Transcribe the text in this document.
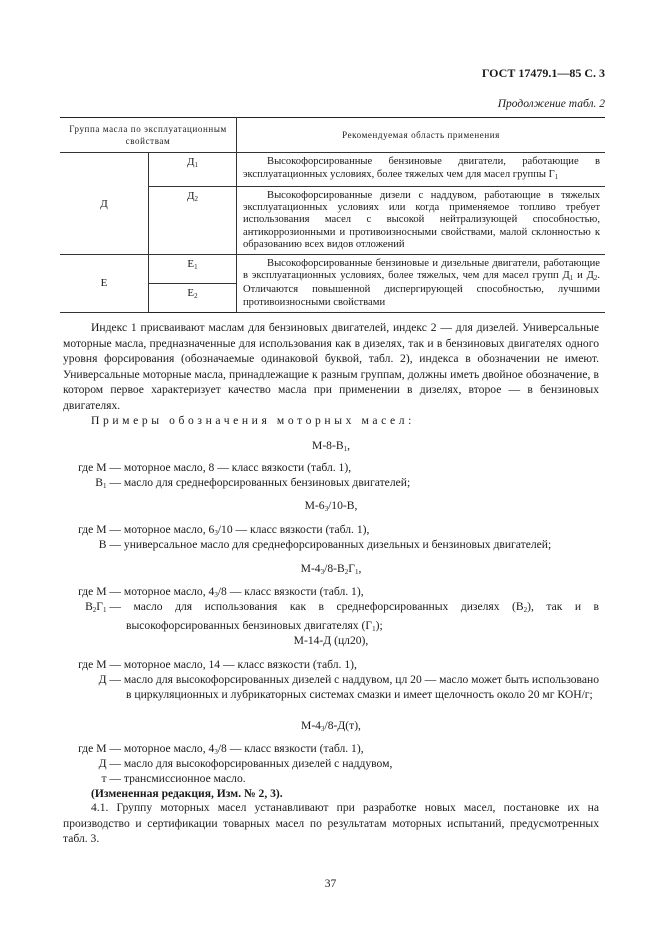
ГОСТ 17479.1—85 С. 3
Продолжение табл. 2
Группа масла по эксплуатационным свойствам		Рекомендуемая область применения
Д	$Д_1$	Высокофорсированные бензиновые двигатели, работающие в эксплуатационных условиях, более тяжелых чем для масел группы $Г_1$
	$Д_2$	Высокофорсированные дизели с наддувом, работающие в тяжелых эксплуатационных условиях или когда применяемое топливо требует использования масел с высокой нейтрализующей способностью, антикоррозионными и противоизносными свойствами, малой склонностью к образованию всех видов отложений
Е	$Е_1$	Высокофорсированные бензиновые и дизельные двигатели, работающие в эксплуатационных условиях, более тяжелых, чем для масел групп $Д_1$ и $Д_2$. Отличаются повышенной диспергирующей способностью, лучшими противоизносными свойствами
	$Е_2$

Индекс 1 присваивают маслам для бензиновых двигателей, индекс 2 — для дизелей. Универсальные моторные масла, предназначенные для использования как в дизелях, так и в бензиновых двигателях одного уровня форсирования (обозначаемые одинаковой буквой, табл. 2), индекса в обозначении не имеют. Универсальные моторные масла, принадлежащие к разным группам, должны иметь двойное обозначение, в котором первое характеризует качество масла при применении в дизелях, второе — в бензиновых двигателях.

Примеры обозначения моторных масел:

$М-8-В_1$,
где М — моторное масло, 8 — класс вязкости (табл. 1),
$В_1$ — масло для среднефорсированных бензиновых двигателей;
$М-6_3/10-В$,
где М — моторное масло, $6_3/10$ — класс вязкости (табл. 1),
В — универсальное масло для среднефорсированных дизельных и бензиновых двигателей;
$М-4_3/8-В_2Г_1$,
где М — моторное масло, $4_3/8$ — класс вязкости (табл. 1),
$В_2Г_1$ — масло для использования как в среднефорсированных дизелях $(В_2)$, так и в высокофорсированных бензиновых двигателях $(Г_1)$;
М-14-Д (цл20),
где М — моторное масло, 14 — класс вязкости (табл. 1),
Д — масло для высокофорсированных дизелей с наддувом, цл 20 — масло может быть использовано в циркуляционных и лубрикаторных системах смазки и имеет щелочность около 20 мг КОН/г;
$М-4_3/8-Д(т)$,
где М — моторное масло, $4_3/8$ — класс вязкости (табл. 1),
Д — масло для высокофорсированных дизелей с наддувом,
т — трансмиссионное масло.
(Измененная редакция, Изм. № 2, 3).

4.1. Группу моторных масел устанавливают при разработке новых масел, постановке их на производство и сертификации товарных масел по результатам моторных испытаний, предусмотренных табл. 3.

37
